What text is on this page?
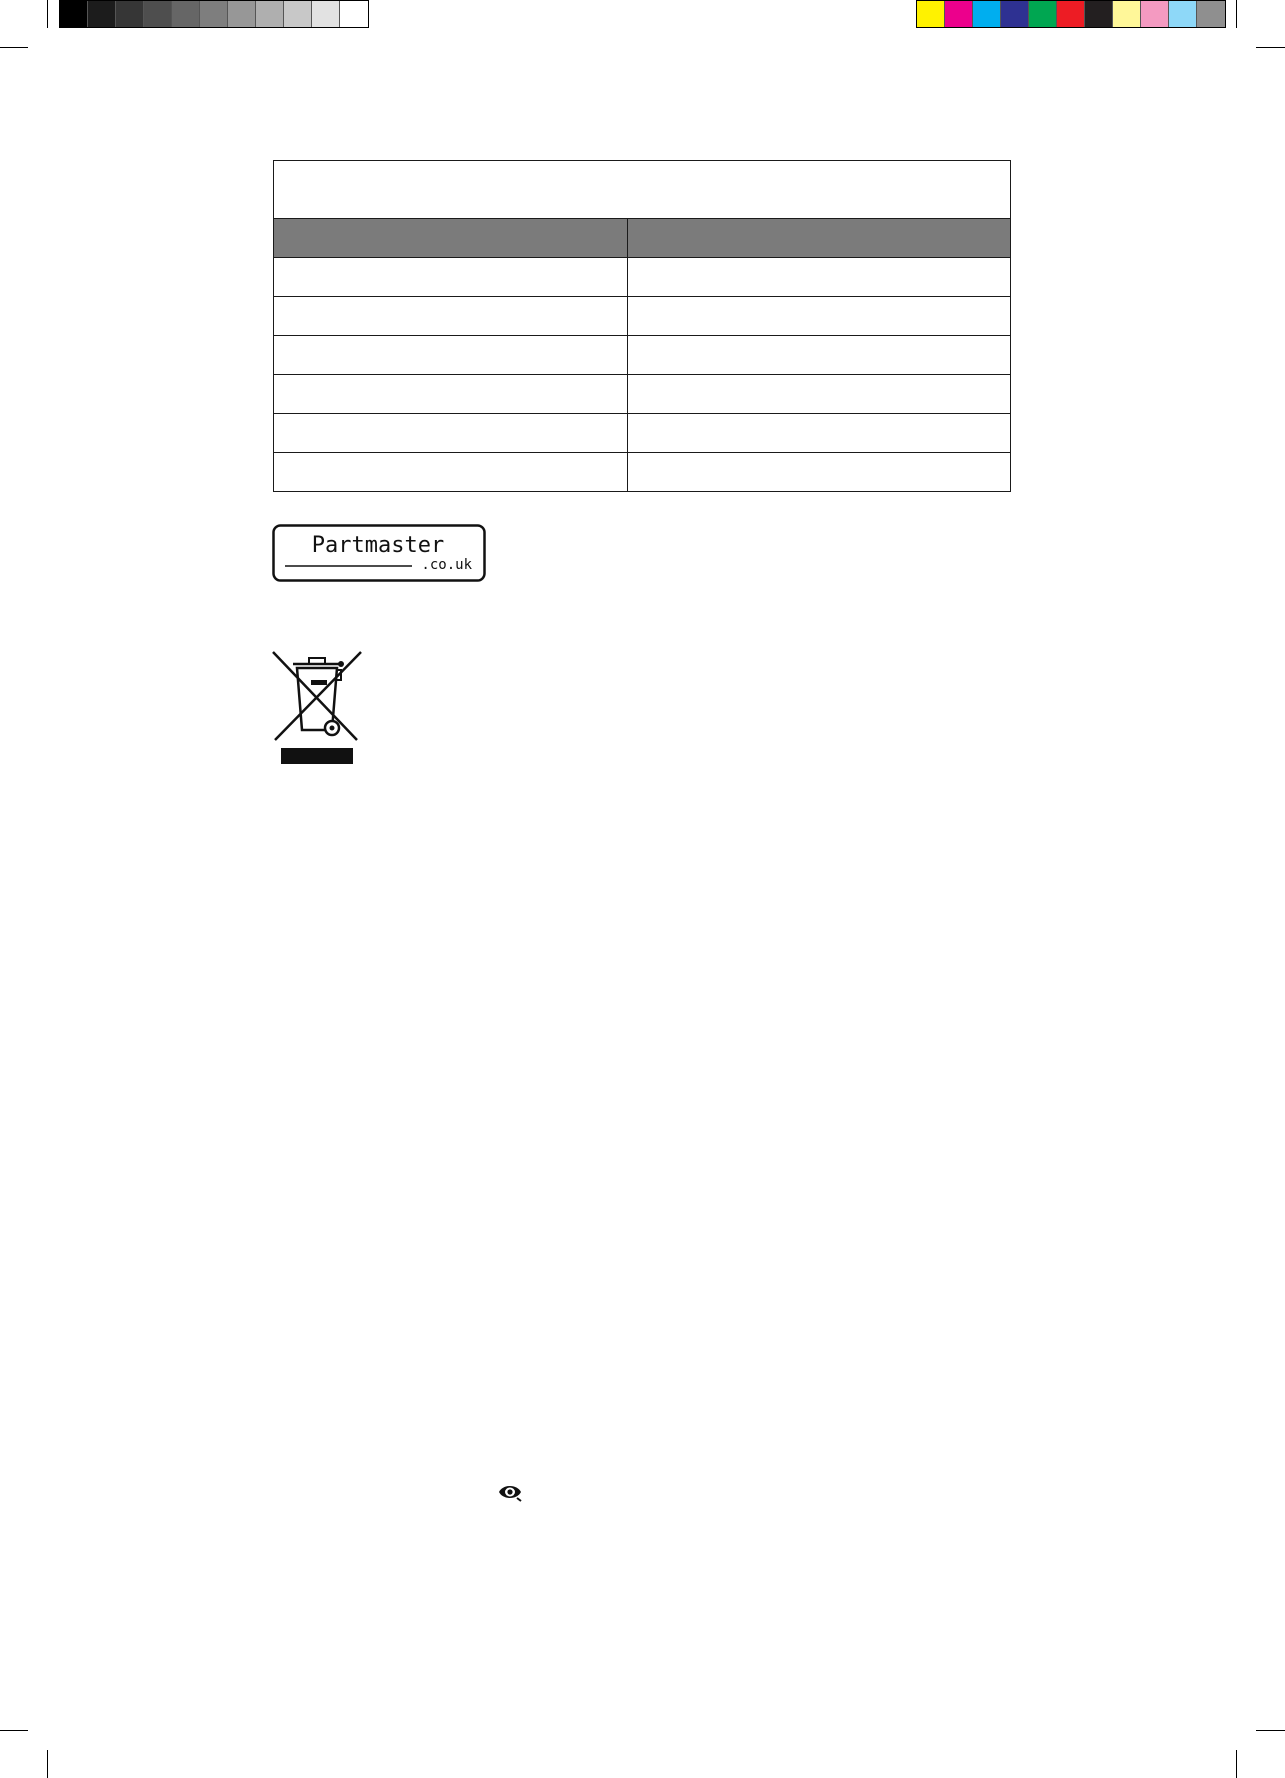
Partmaster
.co.uk
